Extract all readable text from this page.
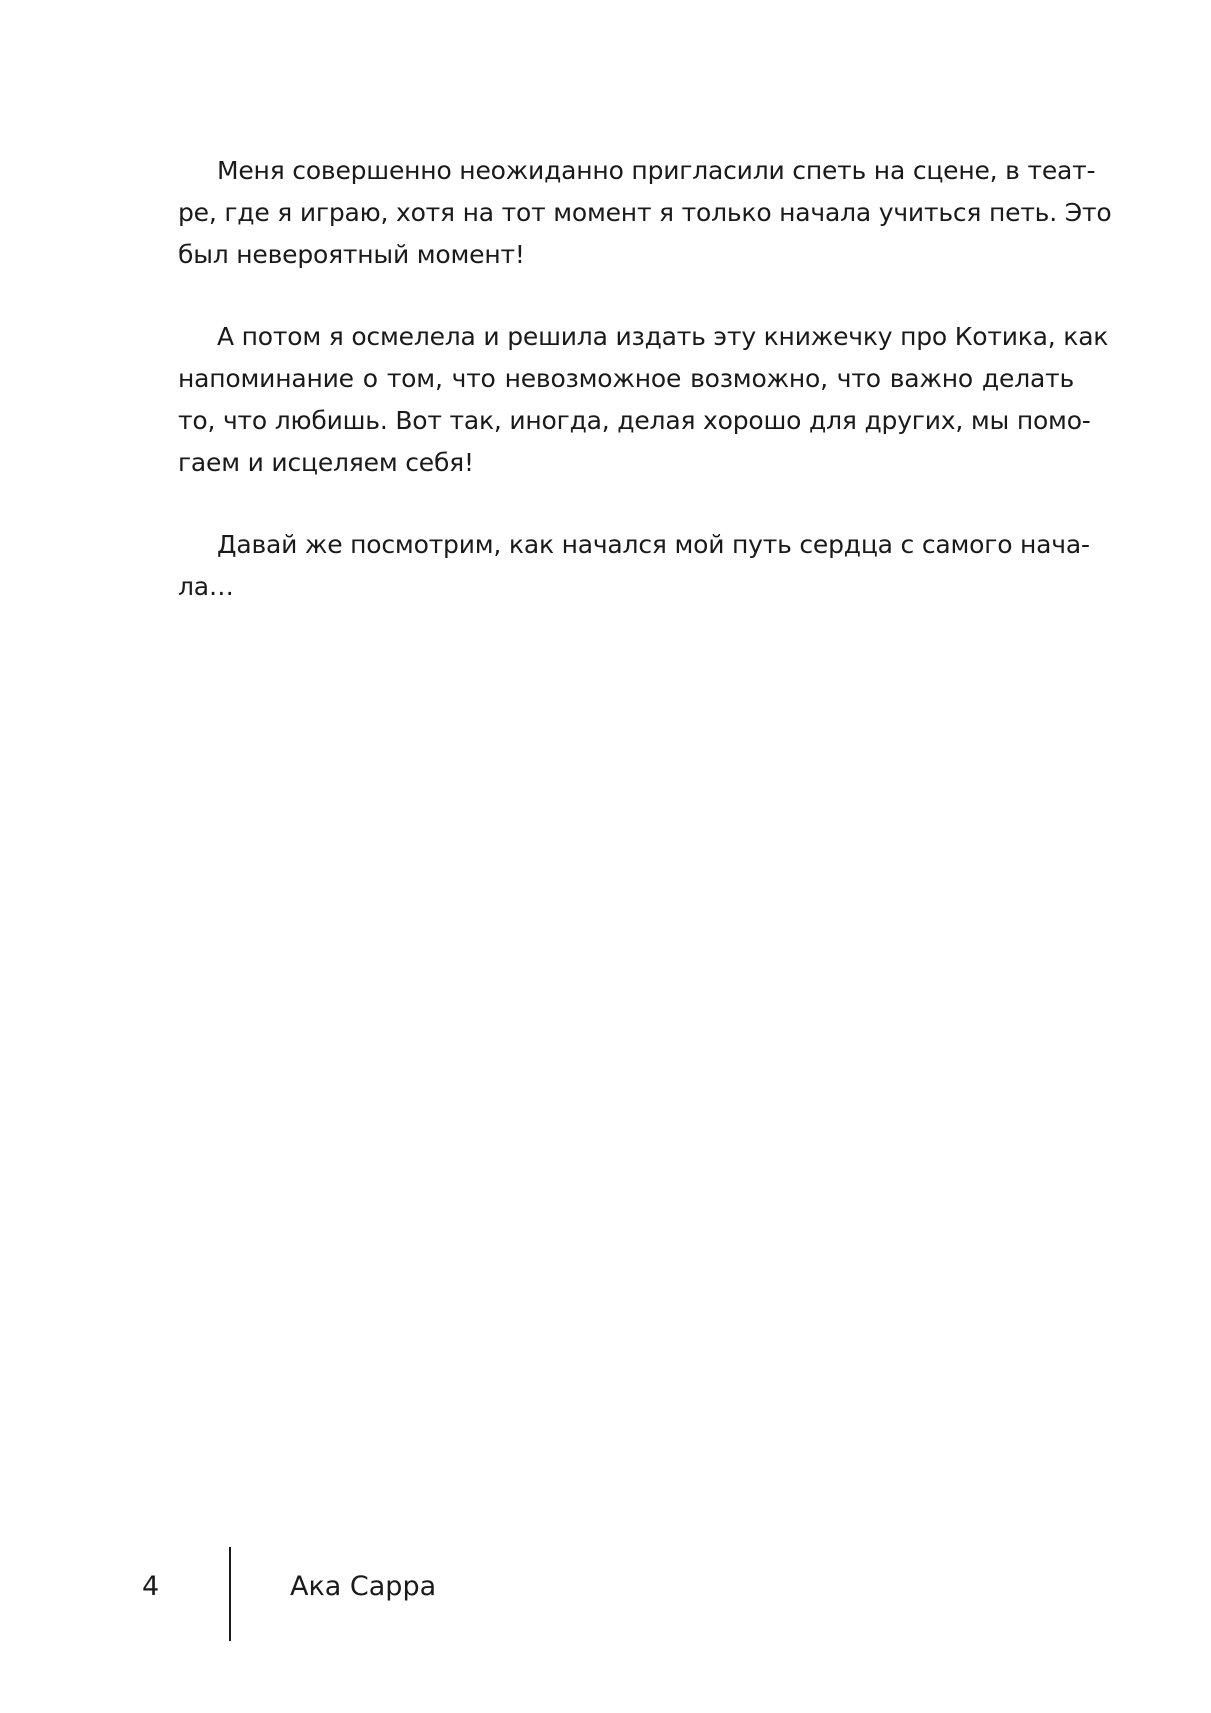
Меня совершенно неожиданно пригласили спеть на сцене, в теат-
ре, где я играю, хотя на тот момент я только начала учиться петь. Это
был невероятный момент!
А потом я осмелела и решила издать эту книжечку про Котика, как
напоминание о том, что невозможное возможно, что важно делать
то, что любишь. Вот так, иногда, делая хорошо для других, мы помо-
гаем и исцеляем себя!
Давай же посмотрим, как начался мой путь сердца с самого нача-
ла…
4	Ака Сарра
